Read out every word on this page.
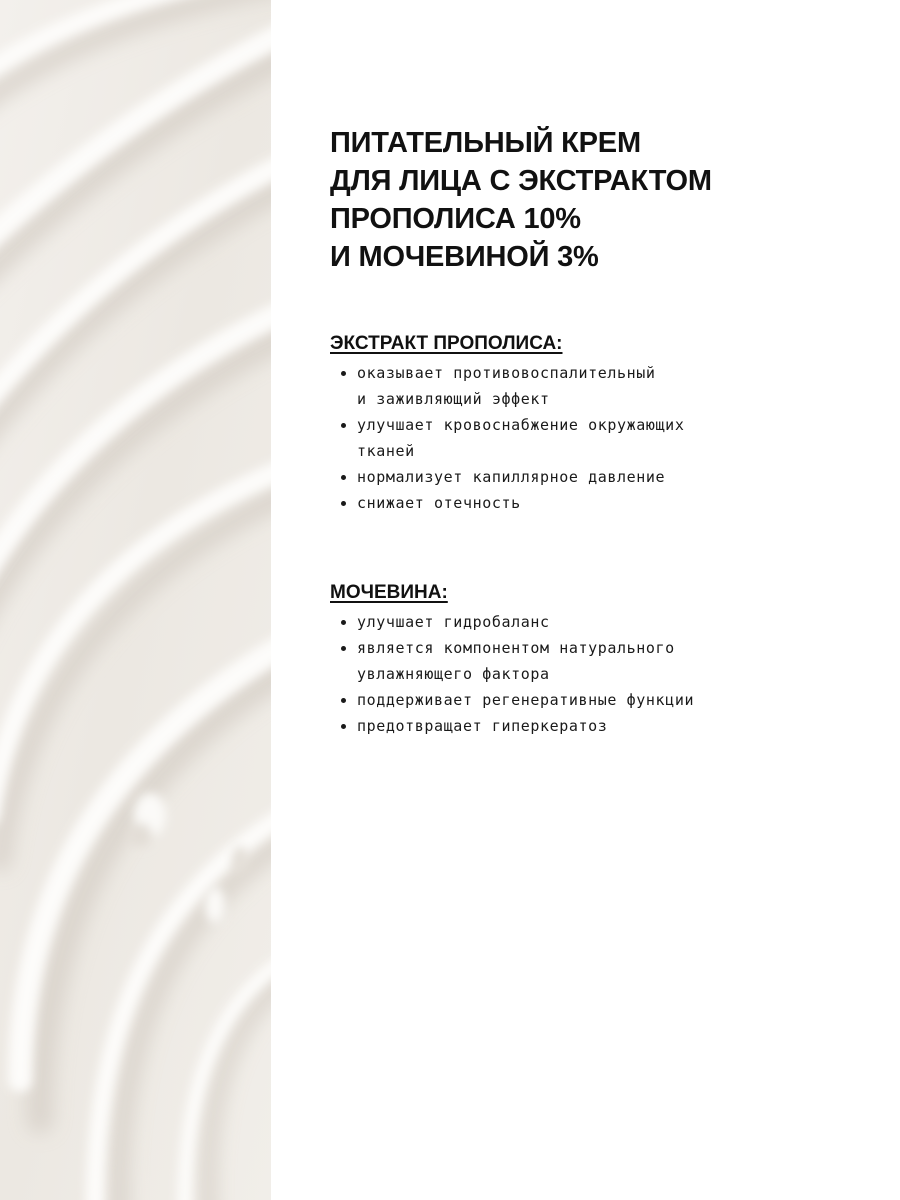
ПИТАТЕЛЬНЫЙ КРЕМ
ДЛЯ ЛИЦА С ЭКСТРАКТОМ
ПРОПОЛИСА 10%
И МОЧЕВИНОЙ 3%
ЭКСТРАКТ ПРОПОЛИСА:
оказывает противовоспалительный
и заживляющий эффект
улучшает кровоснабжение окружающих
тканей
нормализует капиллярное давление
снижает отечность
МОЧЕВИНА:
улучшает гидробаланс
является компонентом натурального
увлажняющего фактора
поддерживает регенеративные функции
предотвращает гиперкератоз
